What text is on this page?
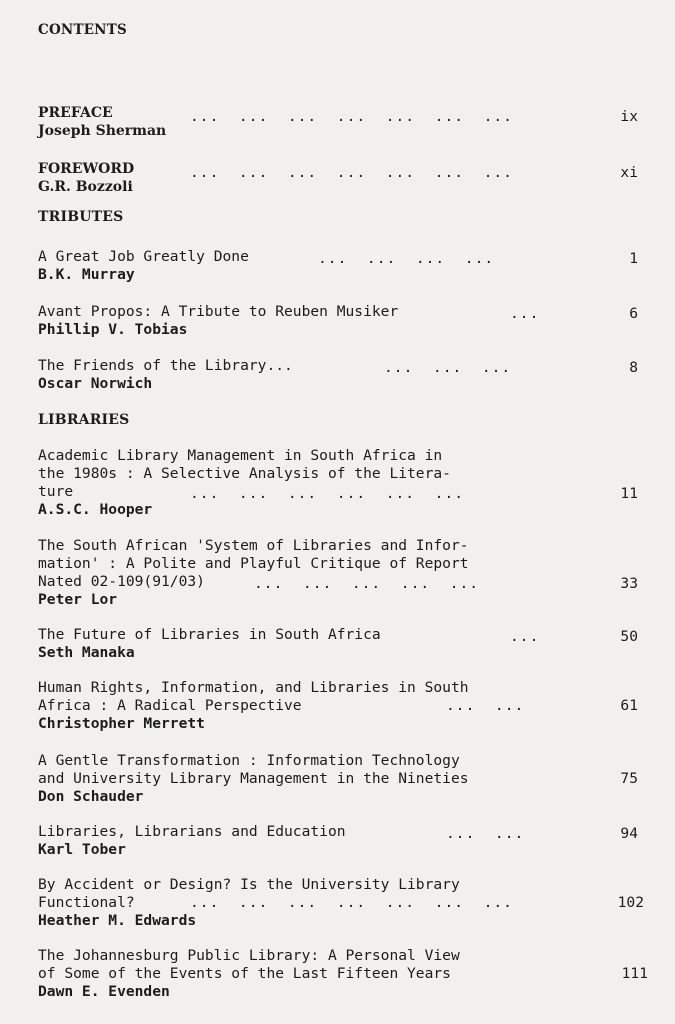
CONTENTS
PREFACE
Joseph Sherman
...  ...  ...  ...  ...  ...  ...	ix
FOREWORD
G.R. Bozzoli
...  ...  ...  ...  ...  ...  ...	xi
TRIBUTES
A Great Job Greatly Done
B.K. Murray
...  ...  ...  ...	1
Avant Propos: A Tribute to Reuben Musiker
Phillip V. Tobias
...	6
The Friends of the Library...
Oscar Norwich
...  ...  ...	8
LIBRARIES
Academic Library Management in South Africa in
the 1980s : A Selective Analysis of the Litera-
ture
A.S.C. Hooper
...  ...  ...  ...  ...  ...	11
The South African 'System of Libraries and Infor-
mation' : A Polite and Playful Critique of Report
Nated 02-109(91/03)
Peter Lor
...  ...  ...  ...  ...	33
The Future of Libraries in South Africa
Seth Manaka
...	50
Human Rights, Information, and Libraries in South
Africa : A Radical Perspective
Christopher Merrett
...  ...	61
A Gentle Transformation : Information Technology
and University Library Management in the Nineties
Don Schauder
75
Libraries, Librarians and Education
Karl Tober
...  ...	94
By Accident or Design? Is the University Library
Functional?
Heather M. Edwards
...  ...  ...  ...  ...  ...  ...	102
The Johannesburg Public Library: A Personal View
of Some of the Events of the Last Fifteen Years
Dawn E. Evenden
111
